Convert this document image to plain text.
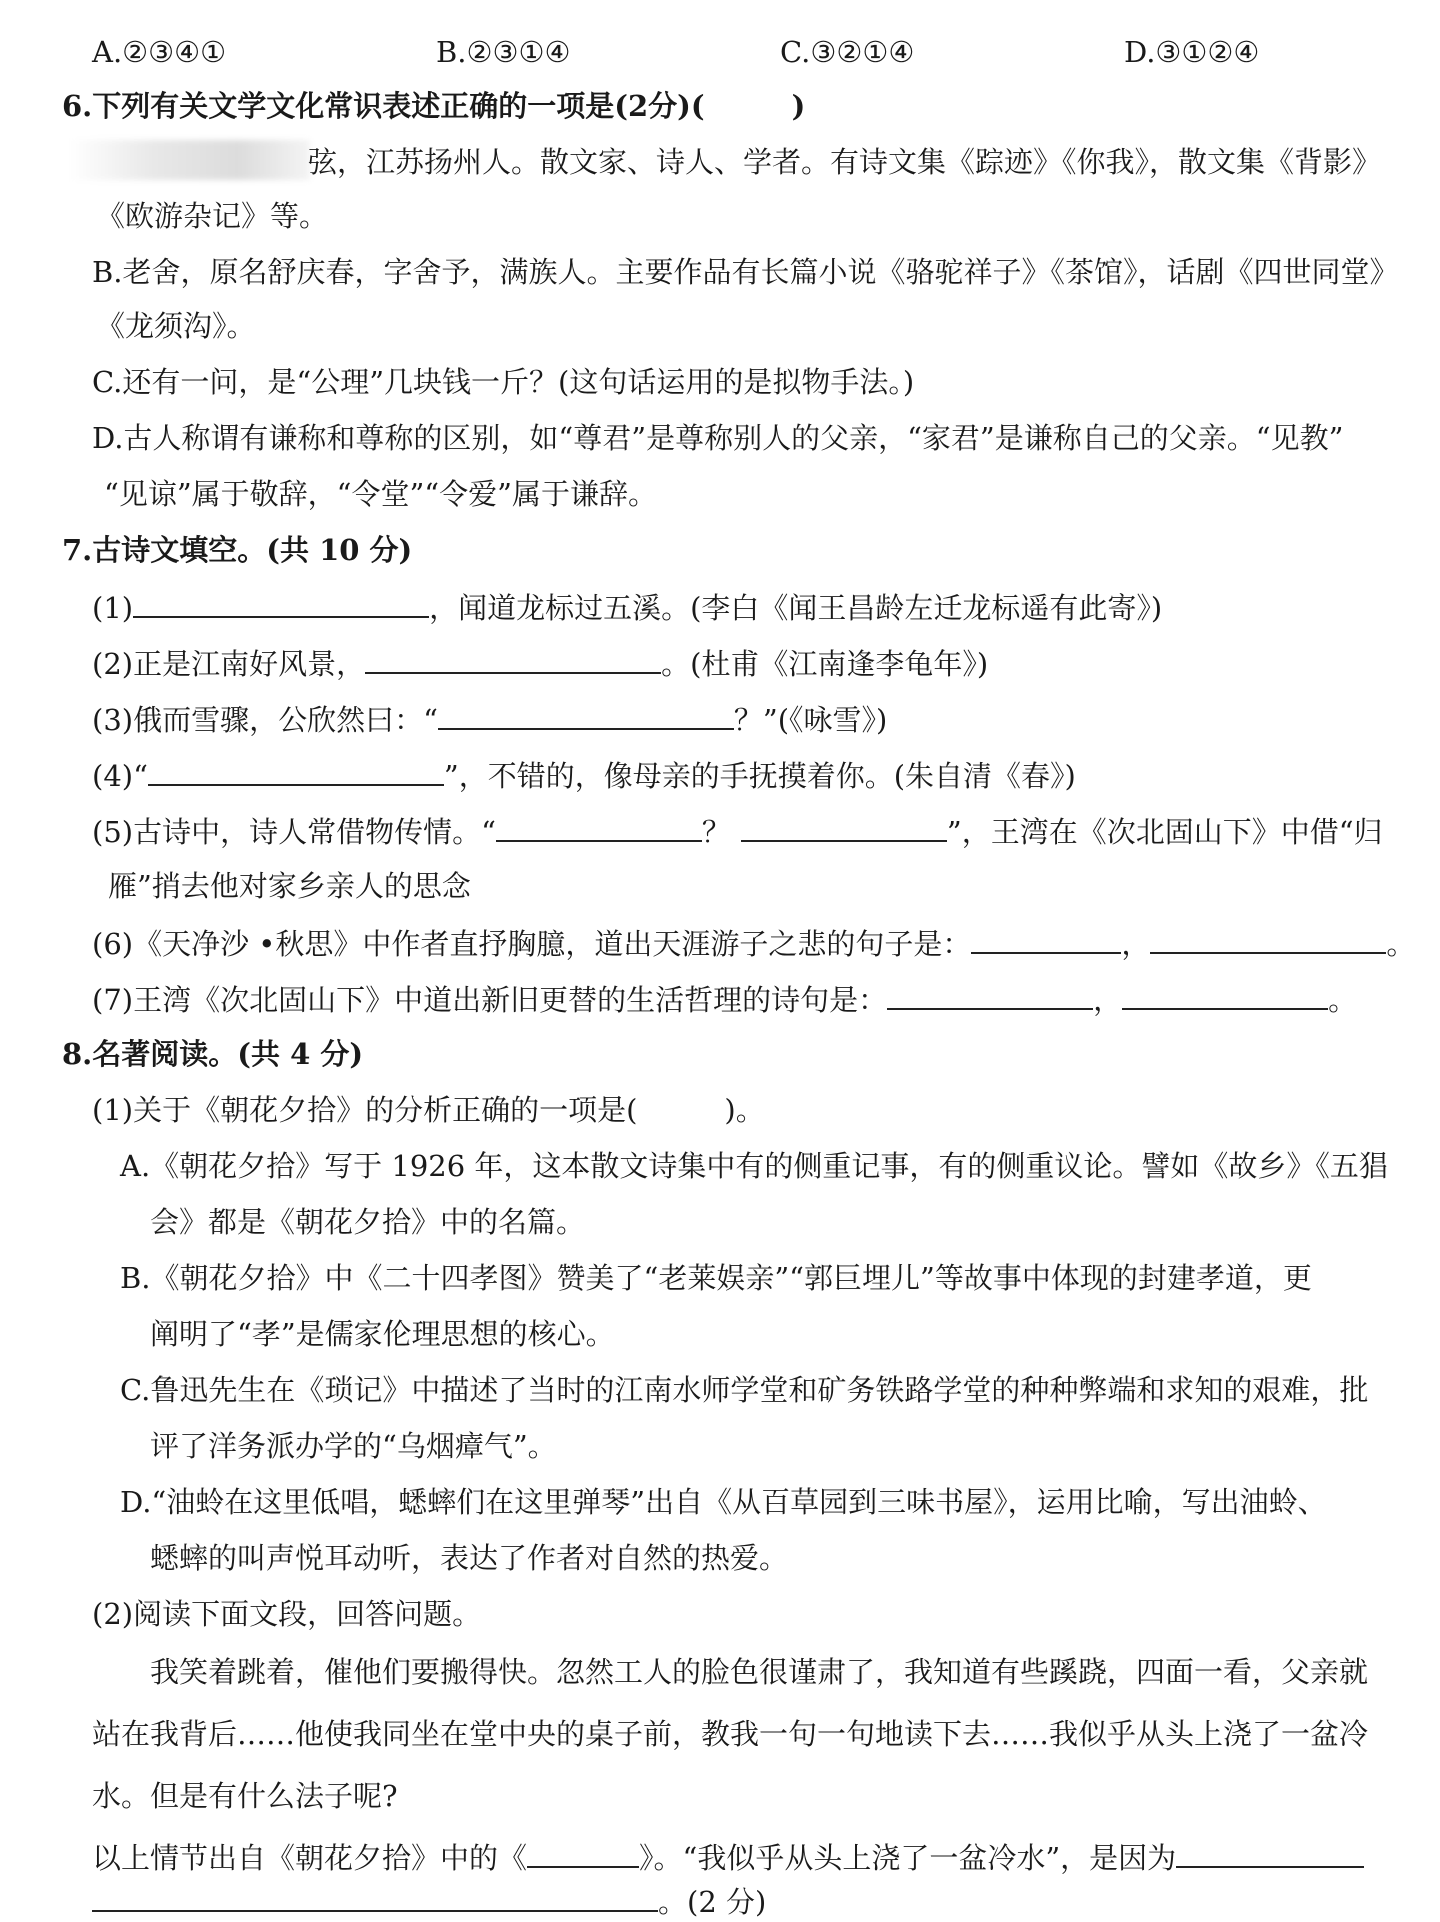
A.②③④①	B.②③①④	C.③②①④	D.③①②④
6.下列有关文学文化常识表述正确的一项是(2分)(　　　)
弦，江苏扬州人。散文家、诗人、学者。有诗文集《踪迹》《你我》，散文集《背影》
《欧游杂记》等。
B.老舍，原名舒庆春，字舍予，满族人。主要作品有长篇小说《骆驼祥子》《茶馆》，话剧《四世同堂》
《龙须沟》。
C.还有一问，是“公理”几块钱一斤？(这句话运用的是拟物手法。)
D.古人称谓有谦称和尊称的区别，如“尊君”是尊称别人的父亲，“家君”是谦称自己的父亲。“见教”
“见谅”属于敬辞，“令堂”“令爱”属于谦辞。
7.古诗文填空。(共 10 分)
(1)	，闻道龙标过五溪。(李白《闻王昌龄左迁龙标遥有此寄》)
(2)正是江南好风景，	。(杜甫《江南逢李龟年》)
(3)俄而雪骤，公欣然曰：“	？”(《咏雪》)
(4)“	”，不错的，像母亲的手抚摸着你。(朱自清《春》)
(5)古诗中，诗人常借物传情。“	？	”，王湾在《次北固山下》中借“归
雁”捎去他对家乡亲人的思念
(6)《天净沙 •秋思》中作者直抒胸臆，道出天涯游子之悲的句子是：	，	。
(7)王湾《次北固山下》中道出新旧更替的生活哲理的诗句是：	，	。
8.名著阅读。(共 4 分)
(1)关于《朝花夕拾》的分析正确的一项是(　　　)。
A.《朝花夕拾》写于 1926 年，这本散文诗集中有的侧重记事，有的侧重议论。譬如《故乡》《五猖
会》都是《朝花夕拾》中的名篇。
B.《朝花夕拾》中《二十四孝图》赞美了“老莱娱亲”“郭巨埋儿”等故事中体现的封建孝道，更
阐明了“孝”是儒家伦理思想的核心。
C.鲁迅先生在《琐记》中描述了当时的江南水师学堂和矿务铁路学堂的种种弊端和求知的艰难，批
评了洋务派办学的“乌烟瘴气”。
D.“油蛉在这里低唱，蟋蟀们在这里弹琴”出自《从百草园到三味书屋》，运用比喻，写出油蛉、
蟋蟀的叫声悦耳动听，表达了作者对自然的热爱。
(2)阅读下面文段，回答问题。
我笑着跳着，催他们要搬得快。忽然工人的脸色很谨肃了，我知道有些蹊跷，四面一看，父亲就
站在我背后……他使我同坐在堂中央的桌子前，教我一句一句地读下去……我似乎从头上浇了一盆冷
水。但是有什么法子呢?
以上情节出自《朝花夕拾》中的《	》。“我似乎从头上浇了一盆冷水”，是因为
。(2 分)
